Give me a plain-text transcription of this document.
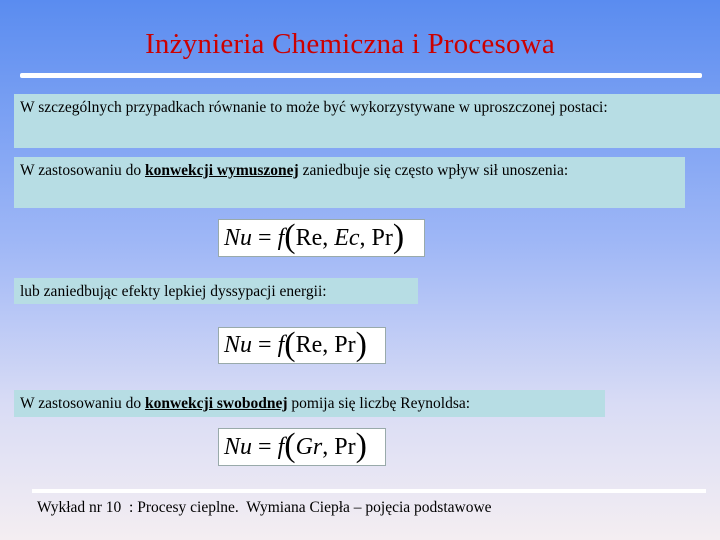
Inżynieria Chemiczna i Procesowa
W szczególnych przypadkach równanie to może być wykorzystywane w uproszczonej postaci:
W zastosowaniu do konwekcji wymuszonej zaniedbuje się często wpływ sił unoszenia:
Nu = f ( Re , Ec , Pr )
lub zaniedbując efekty lepkiej dyssypacji energii:
Nu = f ( Re , Pr )
W zastosowaniu do konwekcji swobodnej pomija się liczbę Reynoldsa:
Nu = f ( Gr , Pr )
Wykład nr 10  : Procesy cieplne.  Wymiana Ciepła – pojęcia podstawowe
